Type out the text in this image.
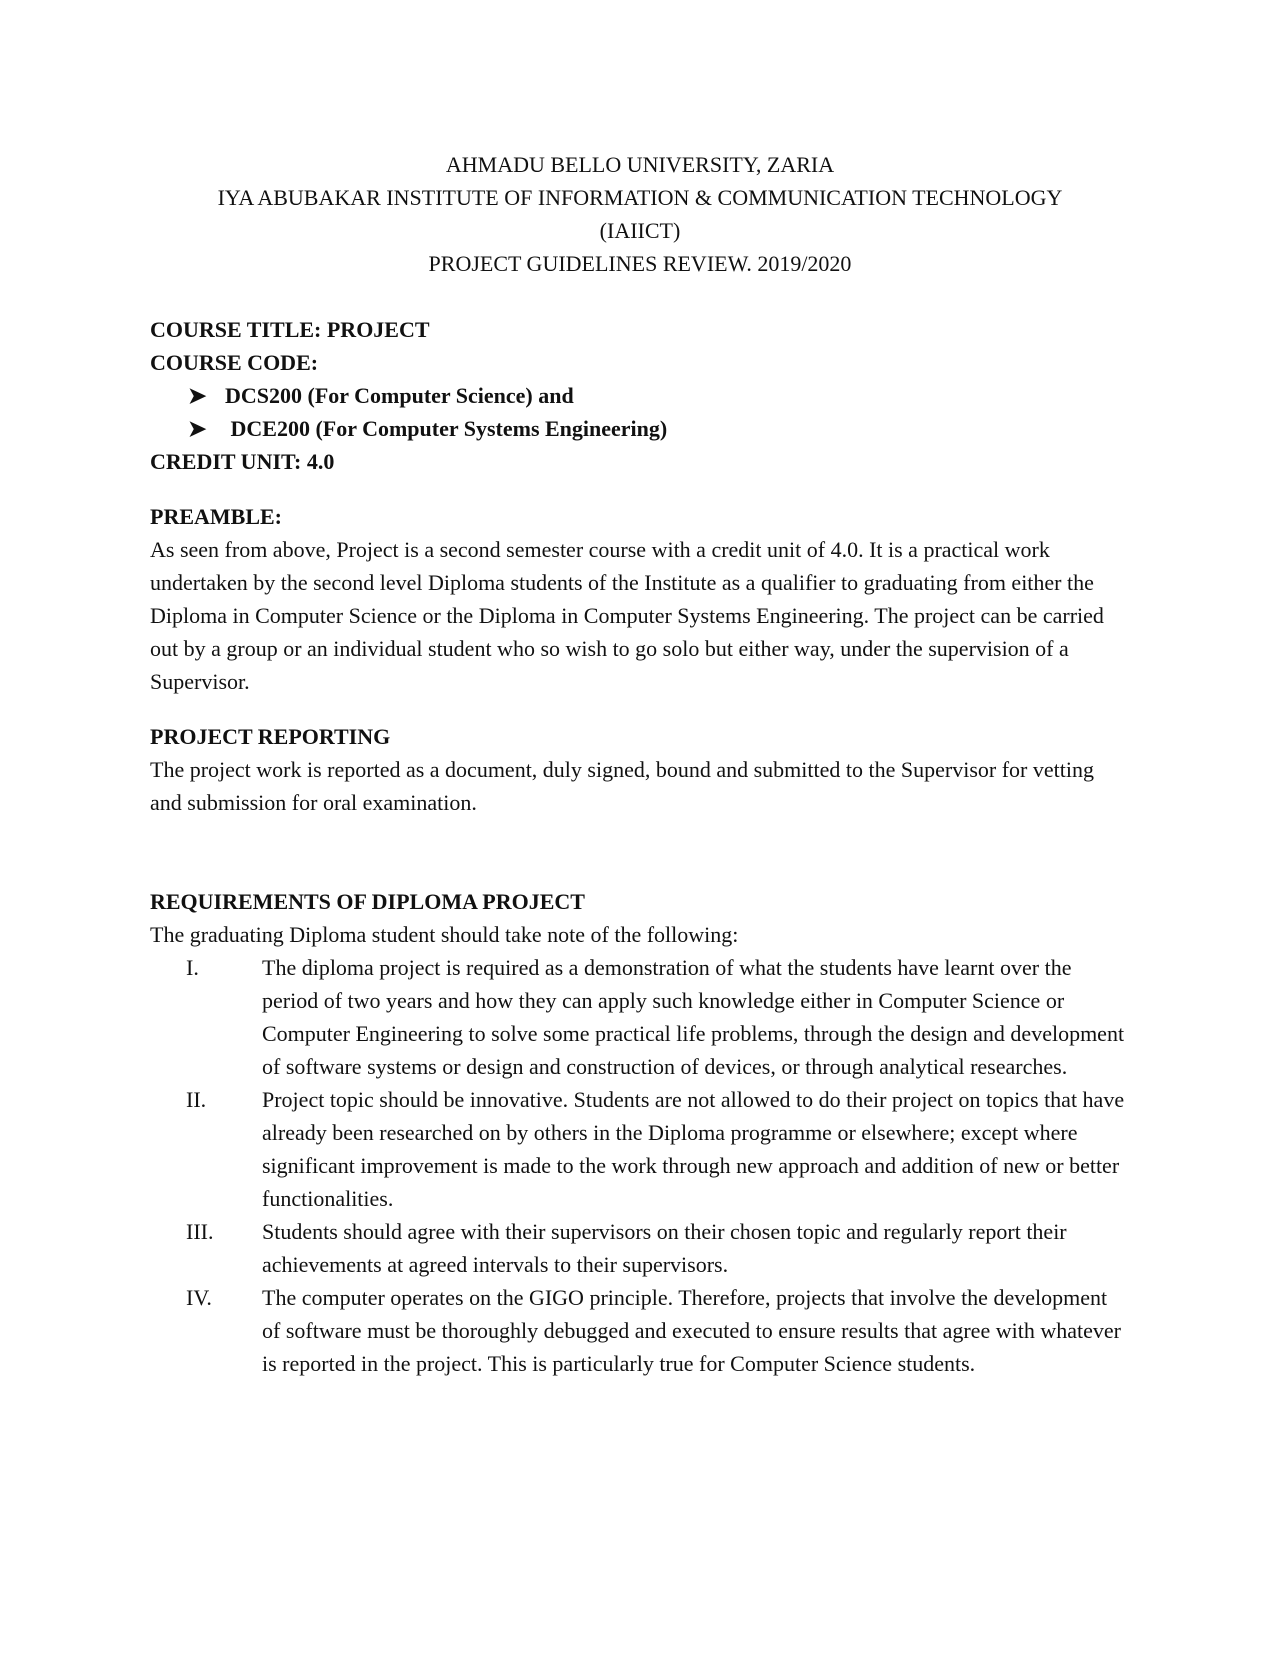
AHMADU BELLO UNIVERSITY, ZARIA
IYA ABUBAKAR INSTITUTE OF INFORMATION & COMMUNICATION TECHNOLOGY
(IAIICT)
PROJECT GUIDELINES REVIEW. 2019/2020
COURSE TITLE: PROJECT
COURSE CODE:
➤ DCS200 (For Computer Science) and
➤ DCE200 (For Computer Systems Engineering)
CREDIT UNIT: 4.0
PREAMBLE:

As seen from above, Project is a second semester course with a credit unit of 4.0. It is a practical work undertaken by the second level Diploma students of the Institute as a qualifier to graduating from either the Diploma in Computer Science or the Diploma in Computer Systems Engineering. The project can be carried out by a group or an individual student who so wish to go solo but either way, under the supervision of a Supervisor.

PROJECT REPORTING

The project work is reported as a document, duly signed, bound and submitted to the Supervisor for vetting and submission for oral examination.

REQUIREMENTS OF DIPLOMA PROJECT
The graduating Diploma student should take note of the following:
I.	The diploma project is required as a demonstration of what the students have learnt over the period of two years and how they can apply such knowledge either in Computer Science or Computer Engineering to solve some practical life problems, through the design and development of software systems or design and construction of devices, or through analytical researches.
II.	Project topic should be innovative. Students are not allowed to do their project on topics that have already been researched on by others in the Diploma programme or elsewhere; except where significant improvement is made to the work through new approach and addition of new or better functionalities.
III. Students should agree with their supervisors on their chosen topic and regularly report their achievements at agreed intervals to their supervisors.
IV. The computer operates on the GIGO principle. Therefore, projects that involve the development of software must be thoroughly debugged and executed to ensure results that agree with whatever is reported in the project. This is particularly true for Computer Science students.
